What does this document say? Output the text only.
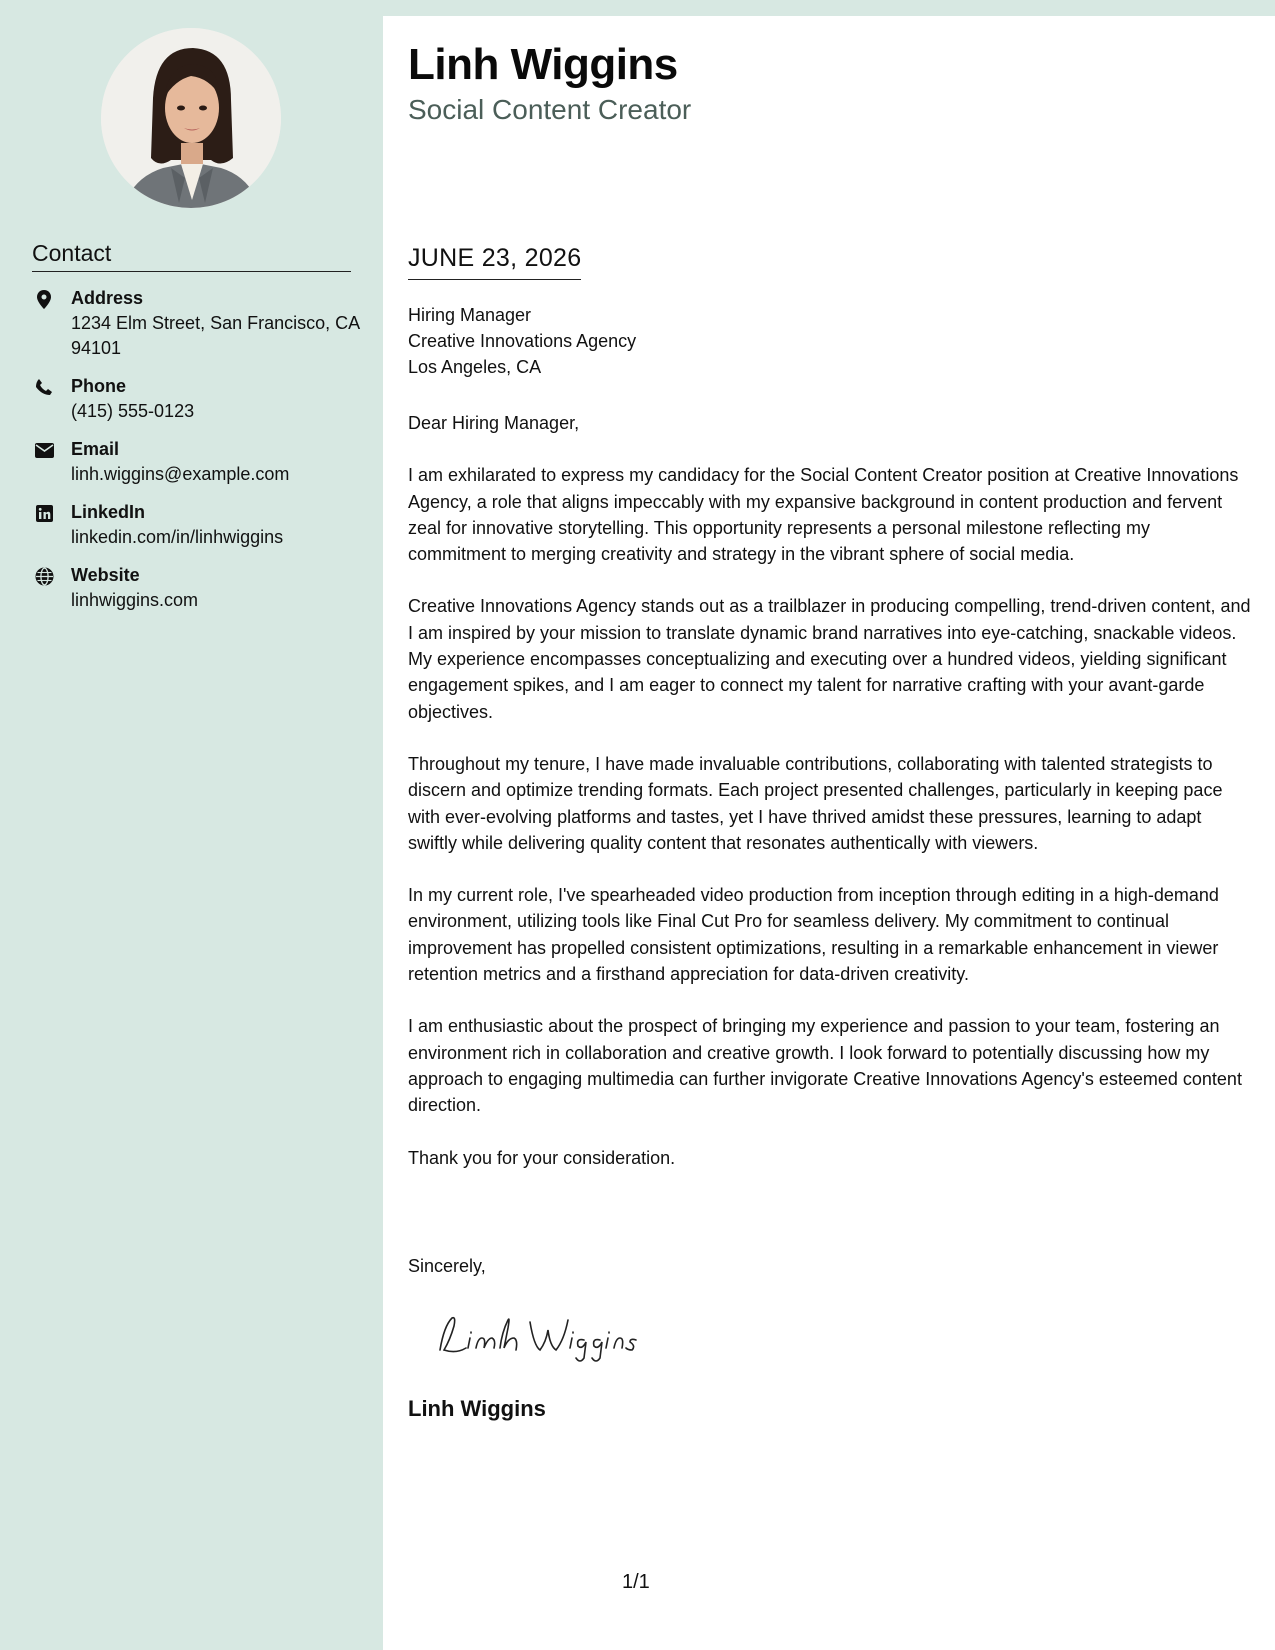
Contact
Address
1234 Elm Street, San Francisco, CA 94101
Phone
(415) 555-0123
Email
linh.wiggins@example.com
LinkedIn
linkedin.com/in/linhwiggins
Website
linhwiggins.com
Linh Wiggins
Social Content Creator
JUNE 23, 2026
Hiring Manager
Creative Innovations Agency
Los Angeles, CA

Dear Hiring Manager,

I am exhilarated to express my candidacy for the Social Content Creator position at Creative Innovations Agency, a role that aligns impeccably with my expansive background in content production and fervent zeal for innovative storytelling. This opportunity represents a personal milestone reflecting my commitment to merging creativity and strategy in the vibrant sphere of social media.

Creative Innovations Agency stands out as a trailblazer in producing compelling, trend-driven content, and I am inspired by your mission to translate dynamic brand narratives into eye-catching, snackable videos. My experience encompasses conceptualizing and executing over a hundred videos, yielding significant engagement spikes, and I am eager to connect my talent for narrative crafting with your avant-garde objectives.

Throughout my tenure, I have made invaluable contributions, collaborating with talented strategists to discern and optimize trending formats. Each project presented challenges, particularly in keeping pace with ever-evolving platforms and tastes, yet I have thrived amidst these pressures, learning to adapt swiftly while delivering quality content that resonates authentically with viewers.

In my current role, I've spearheaded video production from inception through editing in a high-demand environment, utilizing tools like Final Cut Pro for seamless delivery. My commitment to continual improvement has propelled consistent optimizations, resulting in a remarkable enhancement in viewer retention metrics and a firsthand appreciation for data-driven creativity.

I am enthusiastic about the prospect of bringing my experience and passion to your team, fostering an environment rich in collaboration and creative growth. I look forward to potentially discussing how my approach to engaging multimedia can further invigorate Creative Innovations Agency's esteemed content direction.

Thank you for your consideration.

Sincerely,
Linh Wiggins
1/1
